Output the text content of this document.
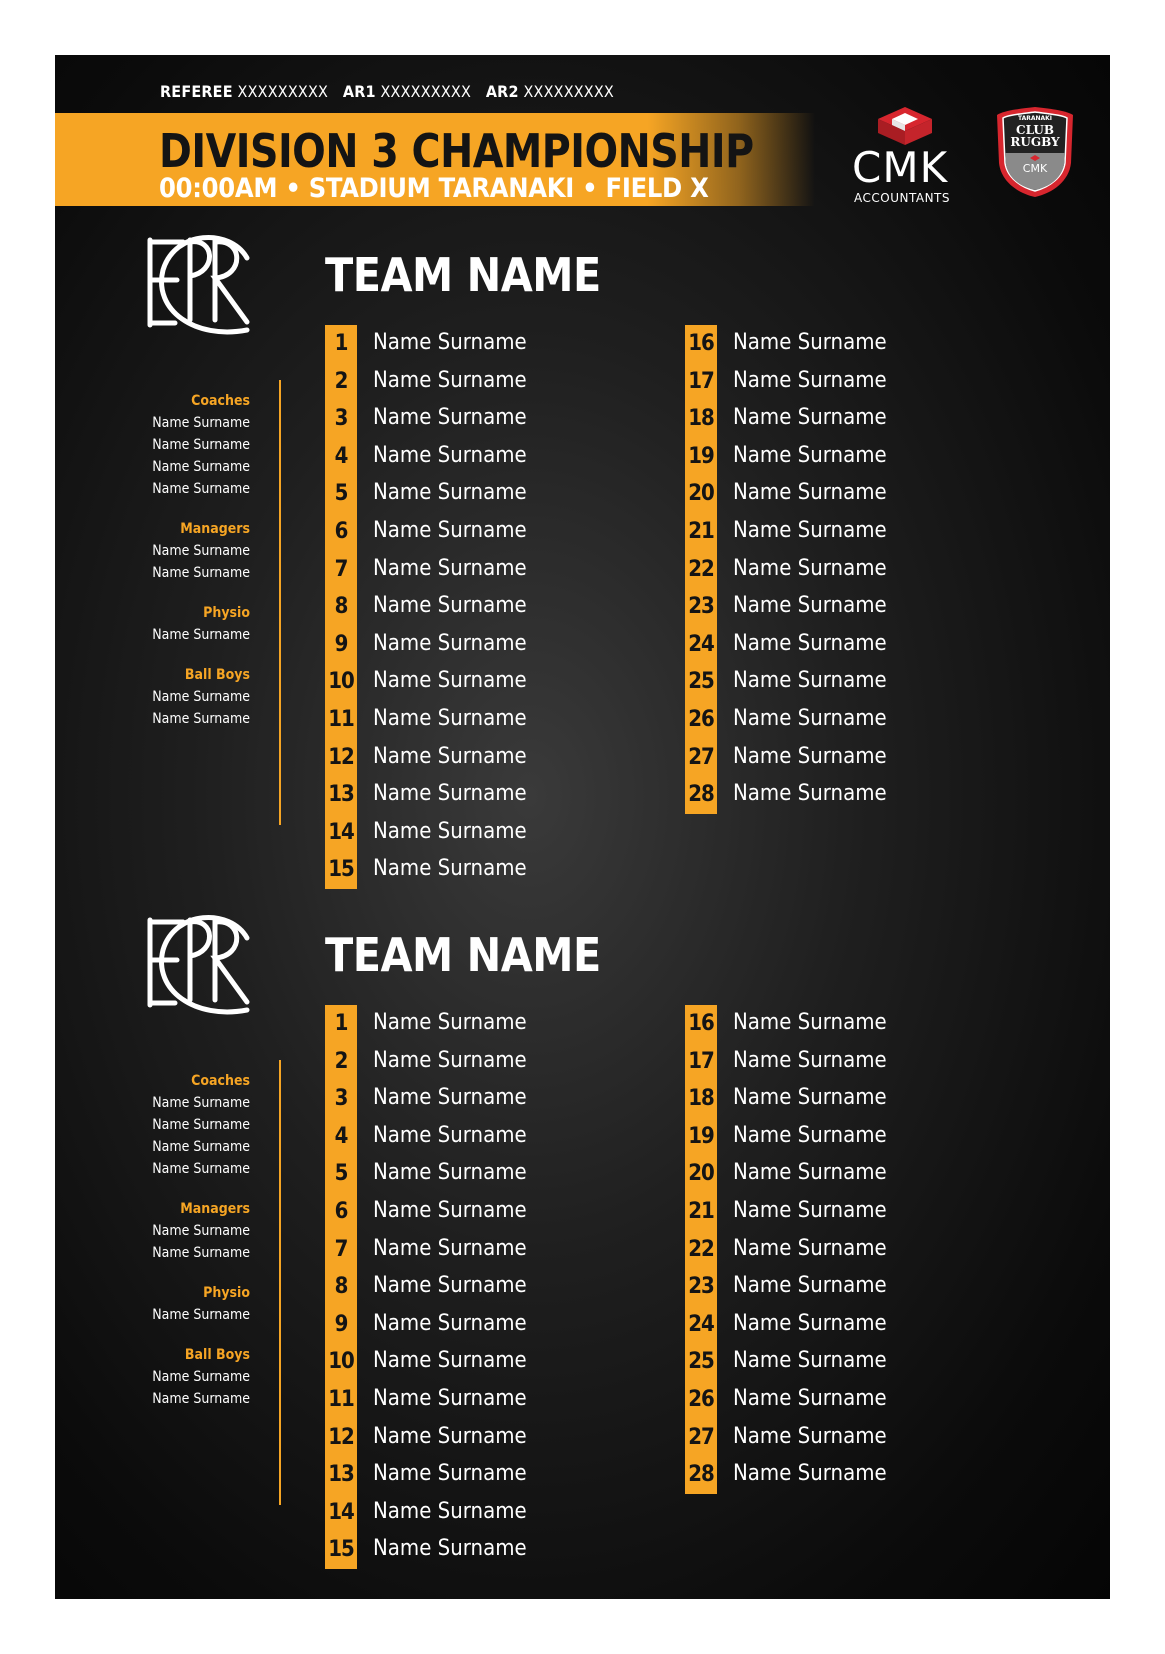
REFEREE XXXXXXXXX AR1 XXXXXXXXX AR2 XXXXXXXXX
DIVISION 3 CHAMPIONSHIP
00:00AM • STADIUM TARANAKI • FIELD X	CMK
ACCOUNTANTS
TARANAKI
CLUB
RUGBY
CMK
TEAM NAME
Coaches
Name Surname
Name Surname
Name Surname
Name Surname
Managers
Name Surname
Name Surname
Physio
Name Surname
Ball Boys
Name Surname
Name Surname
1	Name Surname
2	Name Surname
3	Name Surname
4	Name Surname
5	Name Surname
6	Name Surname
7	Name Surname
8	Name Surname
9	Name Surname
10 Name Surname
11 Name Surname
12 Name Surname
13 Name Surname
14 Name Surname
15 Name Surname
16 Name Surname
17 Name Surname
18 Name Surname
19 Name Surname
20 Name Surname
21 Name Surname
22 Name Surname
23 Name Surname
24 Name Surname
25 Name Surname
26 Name Surname
27 Name Surname
28 Name Surname
TEAM NAME
Coaches
Name Surname
Name Surname
Name Surname
Name Surname
Managers
Name Surname
Name Surname
Physio
Name Surname
Ball Boys
Name Surname
Name Surname
1	Name Surname
2	Name Surname
3	Name Surname
4	Name Surname
5	Name Surname
6	Name Surname
7	Name Surname
8	Name Surname
9	Name Surname
10 Name Surname
11 Name Surname
12 Name Surname
13 Name Surname
14 Name Surname
15 Name Surname
16 Name Surname
17 Name Surname
18 Name Surname
19 Name Surname
20 Name Surname
21 Name Surname
22 Name Surname
23 Name Surname
24 Name Surname
25 Name Surname
26 Name Surname
27 Name Surname
28 Name Surname
